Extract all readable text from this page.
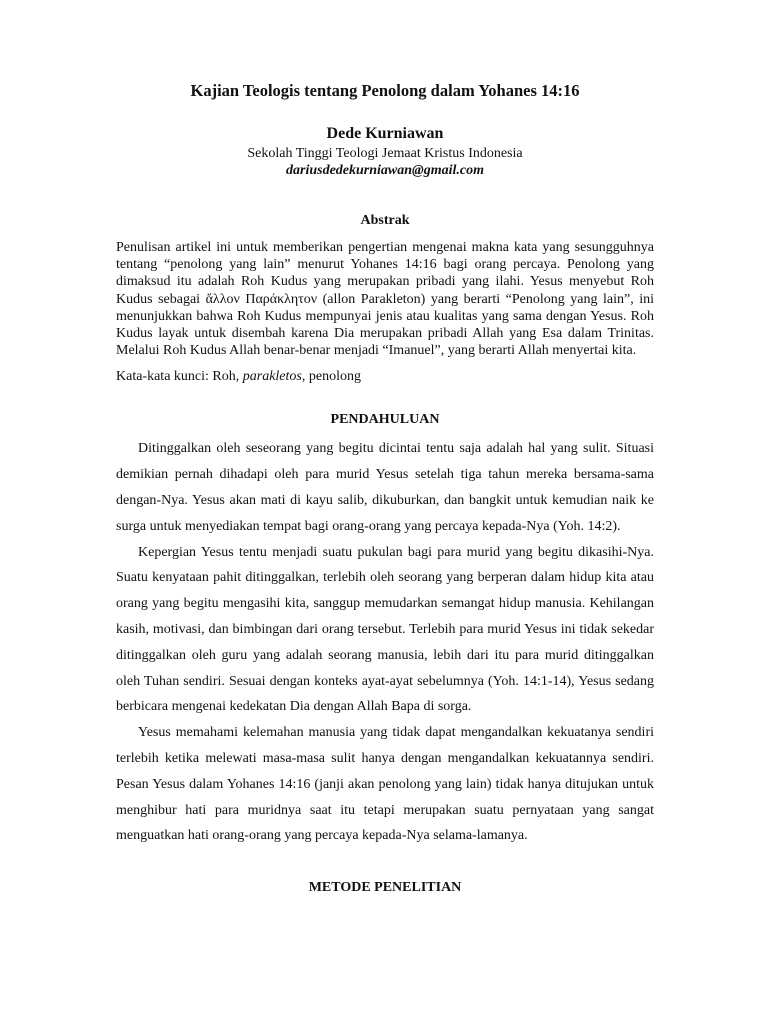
Kajian Teologis tentang Penolong dalam Yohanes 14:16
Dede Kurniawan
Sekolah Tinggi Teologi Jemaat Kristus Indonesia
dariusdedekurniawan@gmail.com
Abstrak

Penulisan artikel ini untuk memberikan pengertian mengenai makna kata yang sesungguhnya tentang “penolong yang lain” menurut Yohanes 14:16 bagi orang percaya. Penolong yang dimaksud itu adalah Roh Kudus yang merupakan pribadi yang ilahi. Yesus menyebut Roh Kudus sebagai ἄλλον Παράκλητον (allon Parakleton) yang berarti “Penolong yang lain”, ini menunjukkan bahwa Roh Kudus mempunyai jenis atau kualitas yang sama dengan Yesus. Roh Kudus layak untuk disembah karena Dia merupakan pribadi Allah yang Esa dalam Trinitas. Melalui Roh Kudus Allah benar-benar menjadi “Imanuel”, yang berarti Allah menyertai kita.

Kata-kata kunci: Roh, parakletos, penolong

PENDAHULUAN

Ditinggalkan oleh seseorang yang begitu dicintai tentu saja adalah hal yang sulit. Situasi demikian pernah dihadapi oleh para murid Yesus setelah tiga tahun mereka bersama-sama dengan-Nya. Yesus akan mati di kayu salib, dikuburkan, dan bangkit untuk kemudian naik ke surga untuk menyediakan tempat bagi orang-orang yang percaya kepada-Nya (Yoh. 14:2).

Kepergian Yesus tentu menjadi suatu pukulan bagi para murid yang begitu dikasihi-Nya. Suatu kenyataan pahit ditinggalkan, terlebih oleh seorang yang berperan dalam hidup kita atau orang yang begitu mengasihi kita, sanggup memudarkan semangat hidup manusia. Kehilangan kasih, motivasi, dan bimbingan dari orang tersebut. Terlebih para murid Yesus ini tidak sekedar ditinggalkan oleh guru yang adalah seorang manusia, lebih dari itu para murid ditinggalkan oleh Tuhan sendiri. Sesuai dengan konteks ayat-ayat sebelumnya (Yoh. 14:1-14), Yesus sedang berbicara mengenai kedekatan Dia dengan Allah Bapa di sorga.

Yesus memahami kelemahan manusia yang tidak dapat mengandalkan kekuatanya sendiri terlebih ketika melewati masa-masa sulit hanya dengan mengandalkan kekuatannya sendiri. Pesan Yesus dalam Yohanes 14:16 (janji akan penolong yang lain) tidak hanya ditujukan untuk menghibur hati para muridnya saat itu tetapi merupakan suatu pernyataan yang sangat menguatkan hati orang-orang yang percaya kepada-Nya selama-lamanya.

METODE PENELITIAN
